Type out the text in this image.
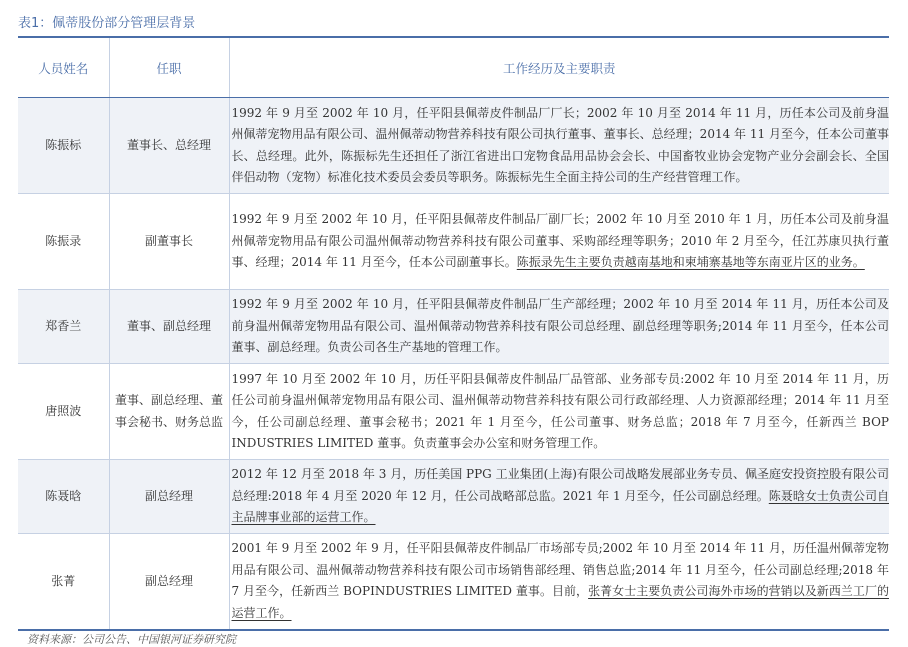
表1：佩蒂股份部分管理层背景
人员姓名	任职	工作经历及主要职责
陈振标	董事长、总经理	1992 年 9 月至 2002 年 10 月，任平阳县佩蒂皮件制品厂厂长；2002 年 10 月至 2014 年 11 月，历任本公司及前身温州佩蒂宠物用品有限公司、温州佩蒂动物营养科技有限公司执行董事、董事长、总经理；2014 年 11 月至今，任本公司董事长、总经理。此外，陈振标先生还担任了浙江省进出口宠物食品用品协会会长、中国畜牧业协会宠物产业分会副会长、全国伴侣动物（宠物）标准化技术委员会委员等职务。陈振标先生全面主持公司的生产经营管理工作。
陈振录	副董事长	1992 年 9 月至 2002 年 10 月，任平阳县佩蒂皮件制品厂副厂长；2002 年 10 月至 2010 年 1 月，历任本公司及前身温州佩蒂宠物用品有限公司温州佩蒂动物营养科技有限公司董事、采购部经理等职务；2010 年 2 月至今，任江苏康贝执行董事、经理；2014 年 11 月至今，任本公司副董事长。陈振录先生主要负责越南基地和柬埔寨基地等东南亚片区的业务。
郑香兰	董事、副总经理	1992 年 9 月至 2002 年 10 月，任平阳县佩蒂皮件制品厂生产部经理；2002 年 10 月至 2014 年 11 月，历任本公司及前身温州佩蒂宠物用品有限公司、温州佩蒂动物营养科技有限公司总经理、副总经理等职务;2014 年 11 月至今，任本公司董事、副总经理。负责公司各生产基地的管理工作。
唐照波	董事、副总经理、董事会秘书、财务总监	1997 年 10 月至 2002 年 10 月，历任平阳县佩蒂皮件制品厂品管部、业务部专员:2002 年 10 月至 2014 年 11 月，历任公司前身温州佩蒂宠物用品有限公司、温州佩蒂动物营养科技有限公司行政部经理、人力资源部经理；2014 年 11 月至今，任公司副总经理、董事会秘书；2021 年 1 月至今，任公司董事、财务总监；2018 年 7 月至今，任新西兰 BOP INDUSTRIES LIMITED 董事。负责董事会办公室和财务管理工作。
陈聂晗	副总经理	2012 年 12 月至 2018 年 3 月，历任美国 PPG 工业集团(上海)有限公司战略发展部业务专员、佩圣庭安投资控股有限公司总经理:2018 年 4 月至 2020 年 12 月，任公司战略部总监。2021 年 1 月至今，任公司副总经理。陈聂晗女士负责公司自主品牌事业部的运营工作。
张菁	副总经理	2001 年 9 月至 2002 年 9 月，任平阳县佩蒂皮件制品厂市场部专员;2002 年 10 月至 2014 年 11 月，历任温州佩蒂宠物用品有限公司、温州佩蒂动物营养科技有限公司市场销售部经理、销售总监;2014 年 11 月至今，任公司副总经理;2018 年 7 月至今，任新西兰 BOPINDUSTRIES LIMITED 董事。目前，张菁女士主要负责公司海外市场的营销以及新西兰工厂的运营工作。
资料来源：公司公告、中国银河证券研究院
